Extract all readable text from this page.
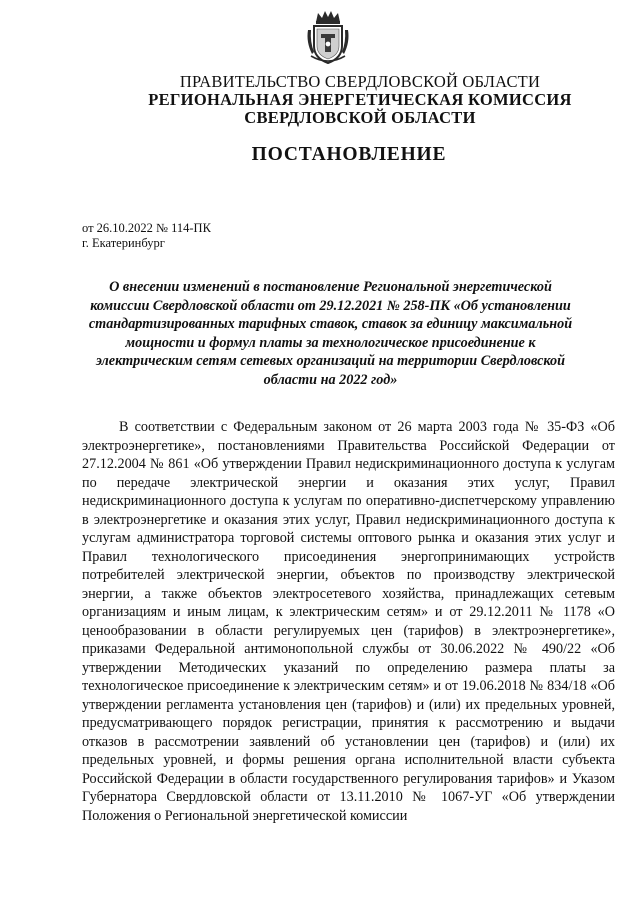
ПРАВИТЕЛЬСТВО СВЕРДЛОВСКОЙ ОБЛАСТИ
РЕГИОНАЛЬНАЯ ЭНЕРГЕТИЧЕСКАЯ КОМИССИЯ
СВЕРДЛОВСКОЙ ОБЛАСТИ
ПОСТАНОВЛЕНИЕ
от 26.10.2022 № 114-ПК
г. Екатеринбург
О внесении изменений в постановление Региональной энергетической комиссии Свердловской области от 29.12.2021 № 258-ПК «Об установлении стандартизированных тарифных ставок, ставок за единицу максимальной мощности и формул платы за технологическое присоединение к электрическим сетям сетевых организаций на территории Свердловской области на 2022 год»

В соответствии с Федеральным законом от 26 марта 2003 года № 35-ФЗ «Об электроэнергетике», постановлениями Правительства Российской Федерации от 27.12.2004 № 861 «Об утверждении Правил недискриминационного доступа к услугам по передаче электрической энергии и оказания этих услуг, Правил недискриминационного доступа к услугам по оперативно-диспетчерскому управлению в электроэнергетике и оказания этих услуг, Правил недискриминационного доступа к услугам администратора торговой системы оптового рынка и оказания этих услуг и Правил технологического присоединения энергопринимающих устройств потребителей электрической энергии, объектов по производству электрической энергии, а также объектов электросетевого хозяйства, принадлежащих сетевым организациям и иным лицам, к электрическим сетям» и от 29.12.2011 № 1178 «О ценообразовании в области регулируемых цен (тарифов) в электроэнергетике», приказами Федеральной антимонопольной службы от 30.06.2022 № 490/22 «Об утверждении Методических указаний по определению размера платы за технологическое присоединение к электрическим сетям» и от 19.06.2018 № 834/18 «Об утверждении регламента установления цен (тарифов) и (или) их предельных уровней, предусматривающего порядок регистрации, принятия к рассмотрению и выдачи отказов в рассмотрении заявлений об установлении цен (тарифов) и (или) их предельных уровней, и формы решения органа исполнительной власти субъекта Российской Федерации в области государственного регулирования тарифов» и Указом Губернатора Свердловской области от 13.11.2010 № 1067-УГ «Об утверждении Положения о Региональной энергетической комиссии
